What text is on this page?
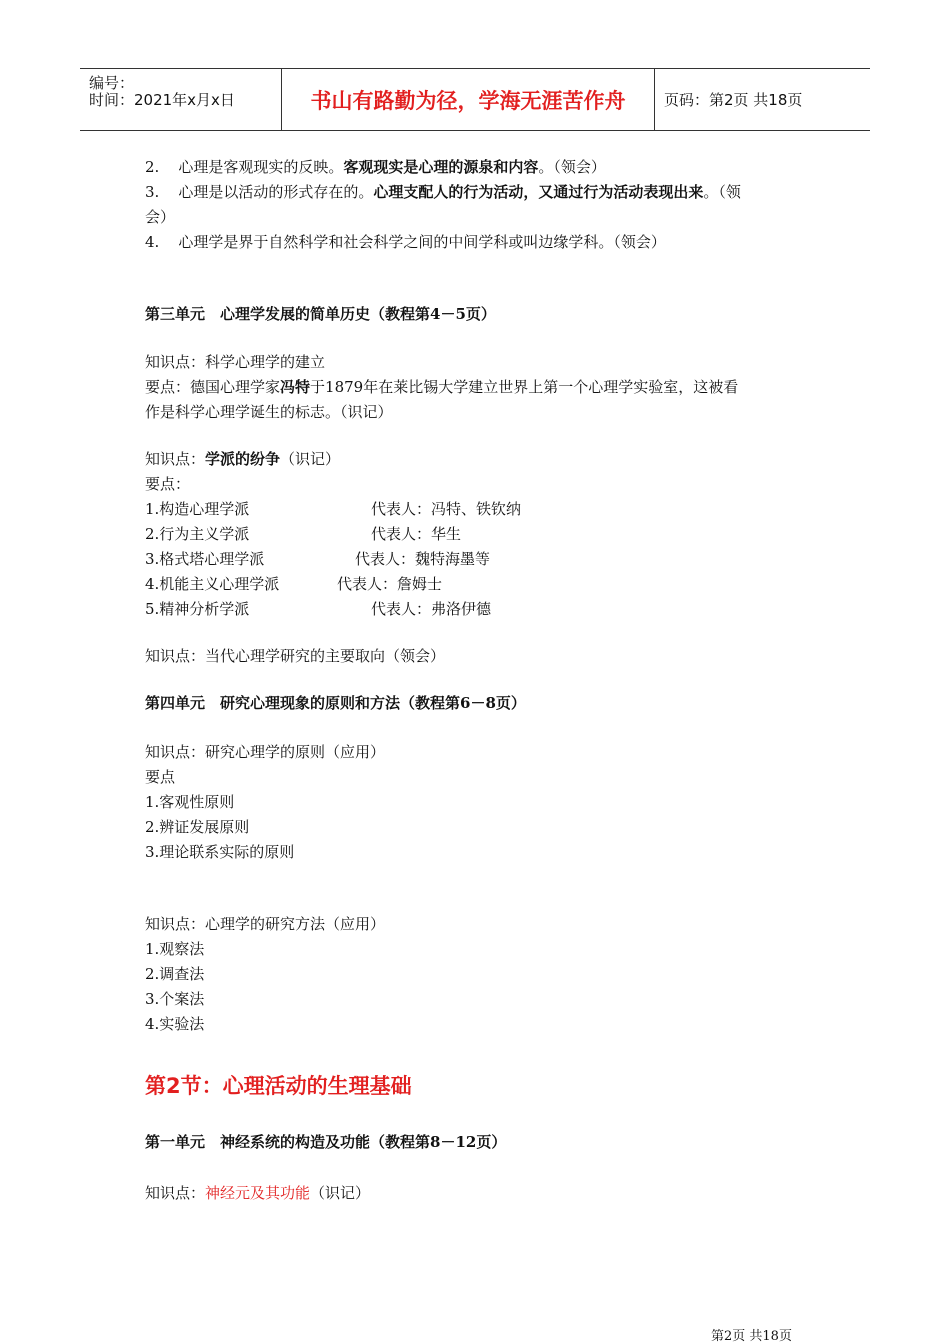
编号：
时间：2021年x月x日	书山有路勤为径，学海无涯苦作舟	页码：第2页 共18页
2. 心理是客观现实的反映。客观现实是心理的源泉和内容。（领会）
3. 心理是以活动的形式存在的。心理支配人的行为活动，又通过行为活动表现出来。（领
会）
4. 心理学是界于自然科学和社会科学之间的中间学科或叫边缘学科。（领会）
第三单元　心理学发展的简单历史（教程第4－5页）
知识点：科学心理学的建立
要点：德国心理学家冯特于1879年在莱比锡大学建立世界上第一个心理学实验室，这被看
作是科学心理学诞生的标志。（识记）
知识点：学派的纷争（识记）
要点：
1.构造心理学派	代表人：冯特、铁钦纳
2.行为主义学派	代表人：华生
3.格式塔心理学派	代表人：魏特海墨等
4.机能主义心理学派	代表人：詹姆士
5.精神分析学派	代表人：弗洛伊德
知识点：当代心理学研究的主要取向（领会）
第四单元　研究心理现象的原则和方法（教程第6－8页）
知识点：研究心理学的原则（应用）
要点
1.客观性原则
2.辨证发展原则
3.理论联系实际的原则
知识点：心理学的研究方法（应用）
1.观察法
2.调查法
3.个案法
4.实验法
第2节：心理活动的生理基础
第一单元　神经系统的构造及功能（教程第8－12页）
知识点：神经元及其功能（识记）
第2页 共18页
